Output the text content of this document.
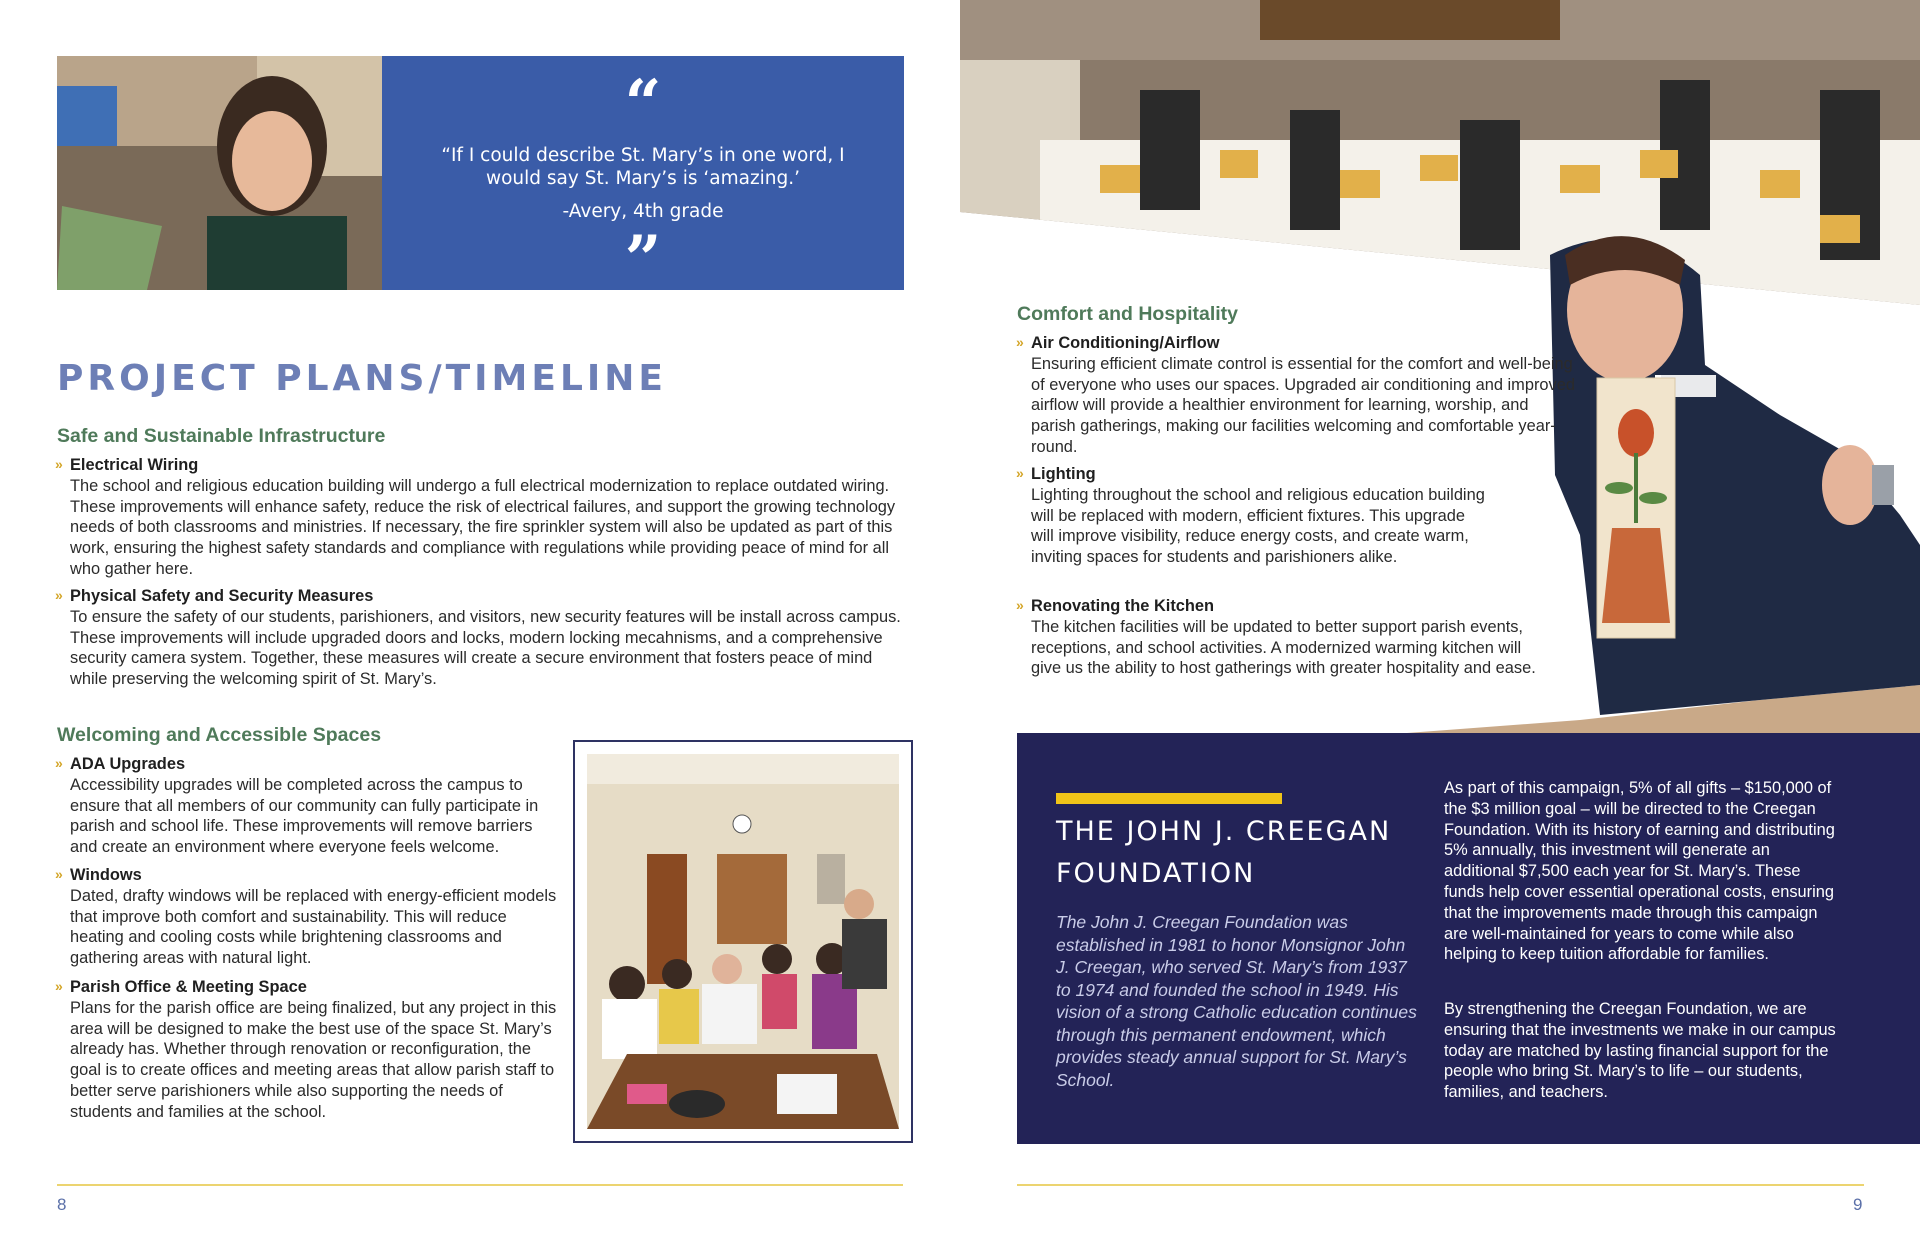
“
“If I could describe St. Mary’s in one word, I would say St. Mary’s is ‘amazing.’
-Avery, 4th grade
”
PROJECT PLANS/TIMELINE
Safe and Sustainable Infrastructure
» Electrical Wiring
The school and religious education building will undergo a full electrical modernization to replace outdated wiring. These improvements will enhance safety, reduce the risk of electrical failures, and support the growing technology needs of both classrooms and ministries. If necessary, the fire sprinkler system will also be updated as part of this work, ensuring the highest safety standards and compliance with regulations while providing peace of mind for all who gather here.
» Physical Safety and Security Measures
To ensure the safety of our students, parishioners, and visitors, new security features will be install across campus. These improvements will include upgraded doors and locks, modern locking mecahnisms, and a comprehensive security camera system. Together, these measures will create a secure environment that fosters peace of mind while preserving the welcoming spirit of St. Mary’s.
Welcoming and Accessible Spaces
» ADA Upgrades
Accessibility upgrades will be completed across the campus to ensure that all members of our community can fully participate in parish and school life. These improvements will remove barriers and create an environment where everyone feels welcome.
» Windows
Dated, drafty windows will be replaced with energy-efficient models that improve both comfort and sustainability. This will reduce heating and cooling costs while brightening classrooms and gathering areas with natural light.
» Parish Office & Meeting Space
Plans for the parish office are being finalized, but any project in this area will be designed to make the best use of the space St. Mary’s already has. Whether through renovation or reconfiguration, the goal is to create offices and meeting areas that allow parish staff to better serve parishioners while also supporting the needs of students and families at the school.
8
Comfort and Hospitality
» Air Conditioning/Airflow
Ensuring efficient climate control is essential for the comfort and well-being of everyone who uses our spaces. Upgraded air conditioning and improved airflow will provide a healthier environment for learning, worship, and parish gatherings, making our facilities welcoming and comfortable year-round.
» Lighting
Lighting throughout the school and religious education building will be replaced with modern, efficient fixtures. This upgrade will improve visibility, reduce energy costs, and create warm, inviting spaces for students and parishioners alike.
» Renovating the Kitchen
The kitchen facilities will be updated to better support parish events, receptions, and school activities. A modernized warming kitchen will give us the ability to host gatherings with greater hospitality and ease.
THE JOHN J. CREEGAN FOUNDATION
The John J. Creegan Foundation was established in 1981 to honor Monsignor John J. Creegan, who served St. Mary’s from 1937 to 1974 and founded the school in 1949. His vision of a strong Catholic education continues through this permanent endowment, which provides steady annual support for St. Mary’s School.
As part of this campaign, 5% of all gifts – $150,000 of the $3 million goal – will be directed to the Creegan Foundation. With its history of earning and distributing 5% annually, this investment will generate an additional $7,500 each year for St. Mary’s. These funds help cover essential operational costs, ensuring that the improvements made through this campaign are well-maintained for years to come while also helping to keep tuition affordable for families.
By strengthening the Creegan Foundation, we are ensuring that the investments we make in our campus today are matched by lasting financial support for the people who bring St. Mary’s to life – our students, families, and teachers.
9
